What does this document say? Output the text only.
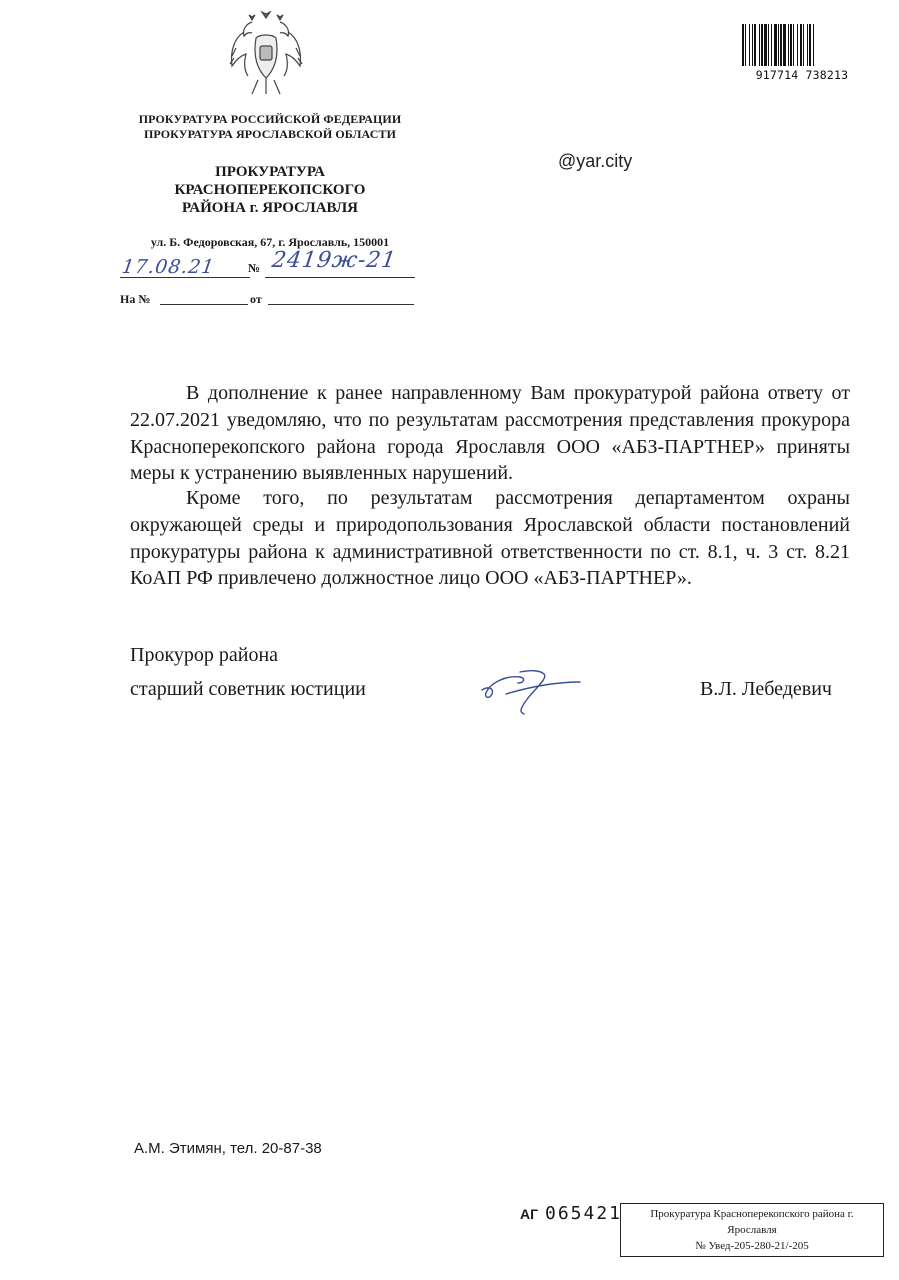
917714 738213
ПРОКУРАТУРА РОССИЙСКОЙ ФЕДЕРАЦИИ
ПРОКУРАТУРА ЯРОСЛАВСКОЙ ОБЛАСТИ
ПРОКУРАТУРА
КРАСНОПЕРЕКОПСКОГО
РАЙОНА г. ЯРОСЛАВЛЯ
ул. Б. Федоровская, 67, г. Ярославль, 150001
@yar.city
17.08.21	№ 2419ж-21
На №	от

В дополнение к ранее направленному Вам прокуратурой района ответу от 22.07.2021 уведомляю, что по результатам рассмотрения представления прокурора Красноперекопского района города Ярославля ООО «АБЗ-ПАРТНЕР» приняты меры к устранению выявленных нарушений.

Кроме того, по результатам рассмотрения департаментом охраны окружающей среды и природопользования Ярославской области постановлений прокуратуры района к административной ответственности по ст. 8.1, ч. 3 ст. 8.21 КоАП РФ привлечено должностное лицо ООО «АБЗ-ПАРТНЕР».

Прокурор района
старший советник юстиции	В.Л. Лебедевич
А.М. Этимян, тел. 20-87-38
АГ 065421	Прокуратура Красноперекопского района г.
Ярославля
№ Увед-205-280-21/-205
